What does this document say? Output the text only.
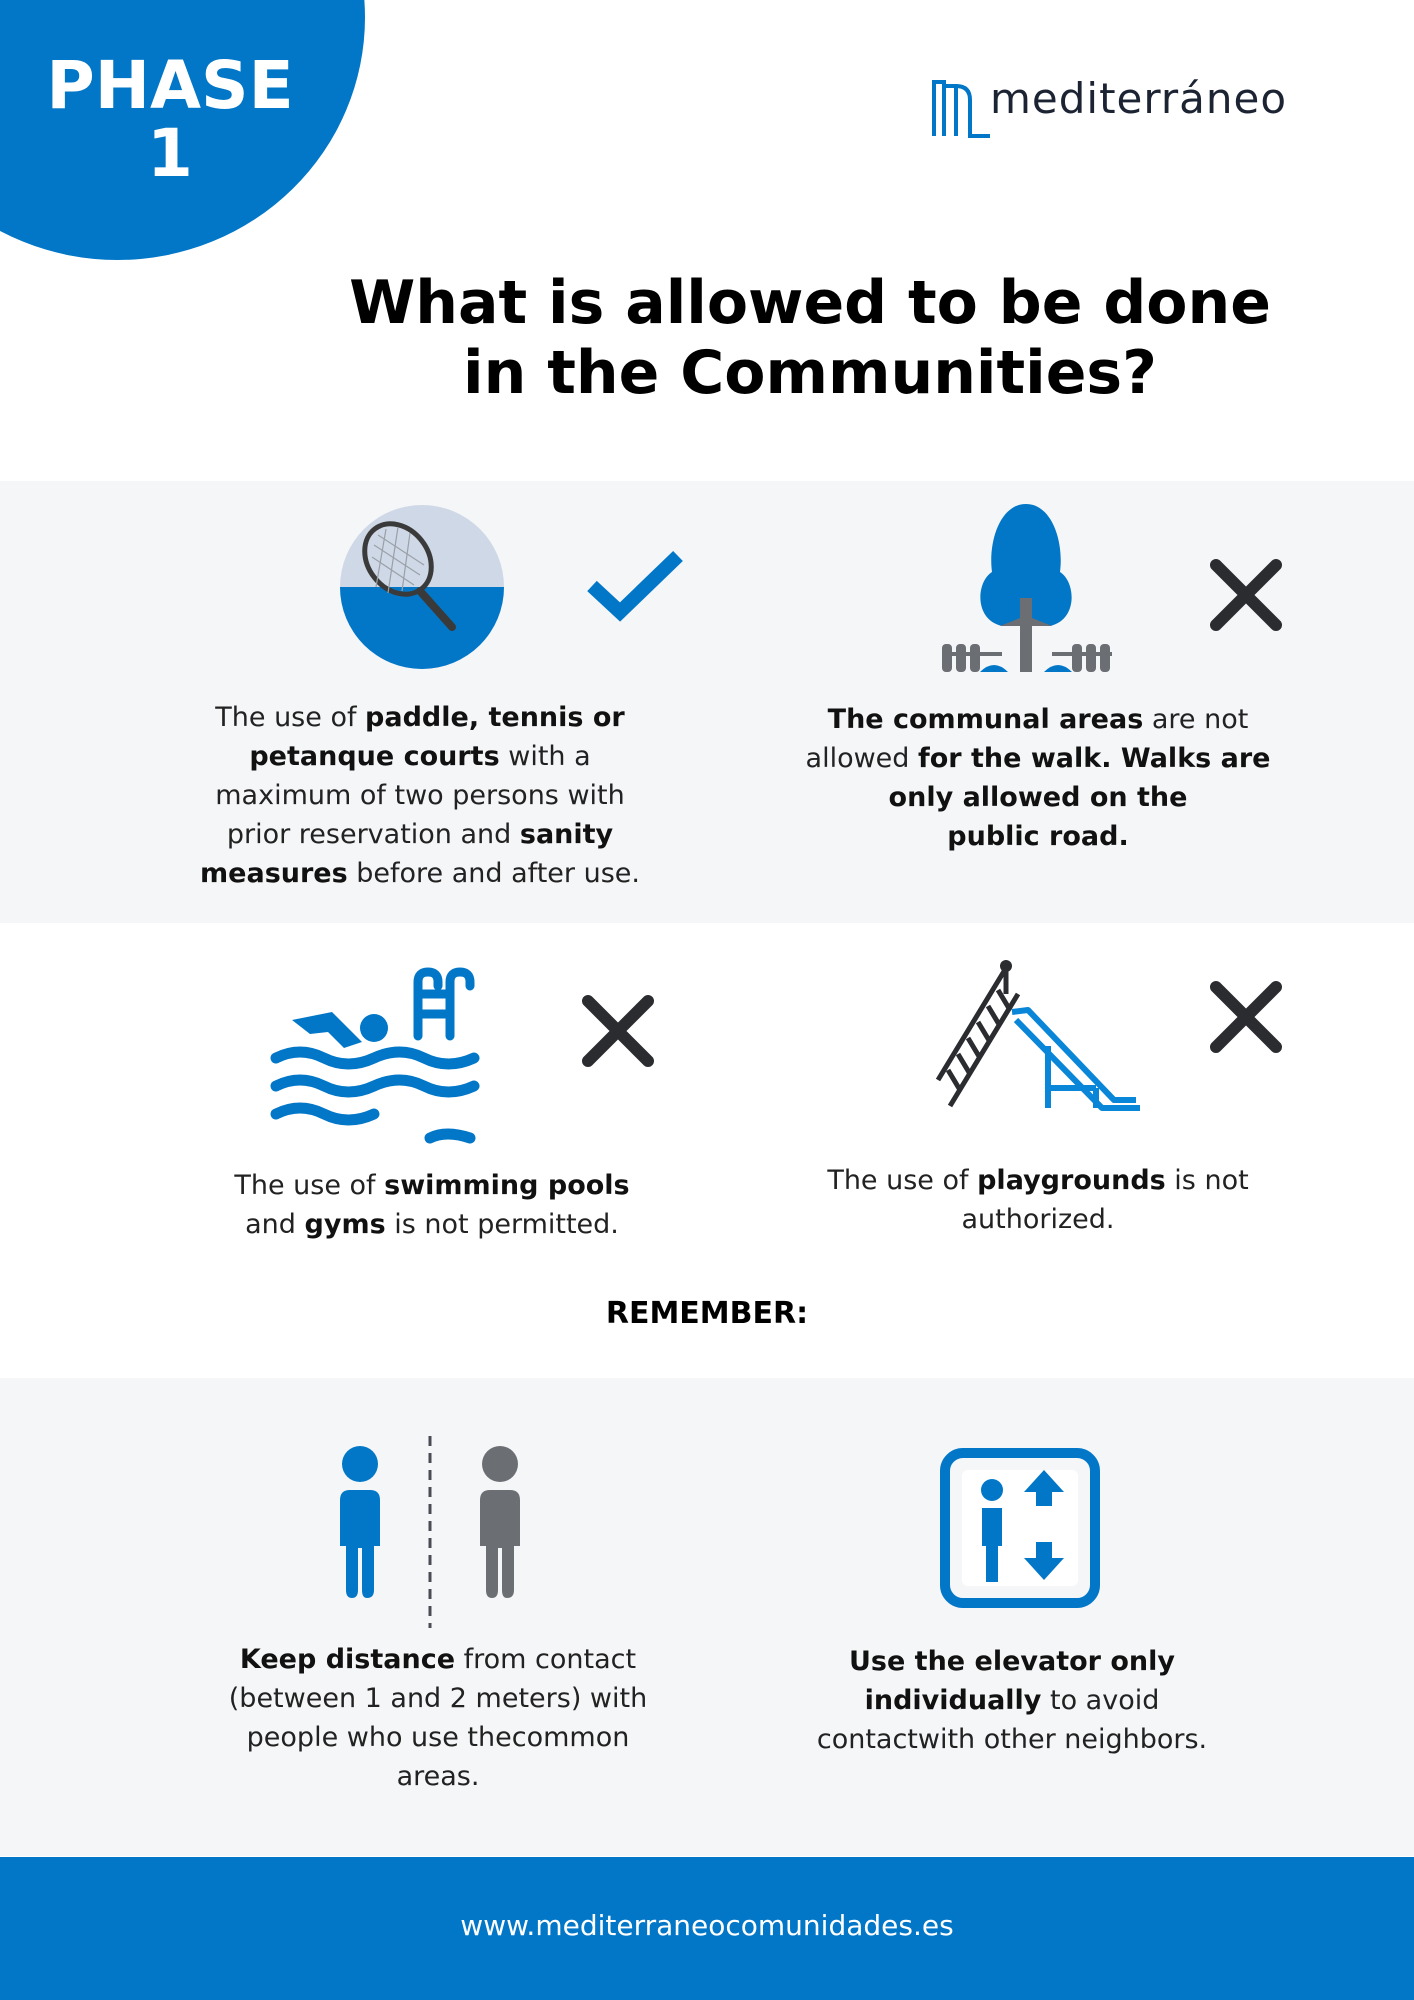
PHASE
1
mediterráneo
What is allowed to be done
in the Communities?
The use of paddle, tennis or
petanque courts with a
maximum of two persons with
prior reservation and sanity
measures before and after use.
The communal areas are not
allowed for the walk. Walks are
only allowed on the
public road.
The use of swimming pools
and gyms is not permitted.
The use of playgrounds is not
authorized.
REMEMBER:
Keep distance from contact
(between 1 and 2 meters) with
people who use thecommon
areas.
Use the elevator only
individually to avoid
contactwith other neighbors.
www.mediterraneocomunidades.es
